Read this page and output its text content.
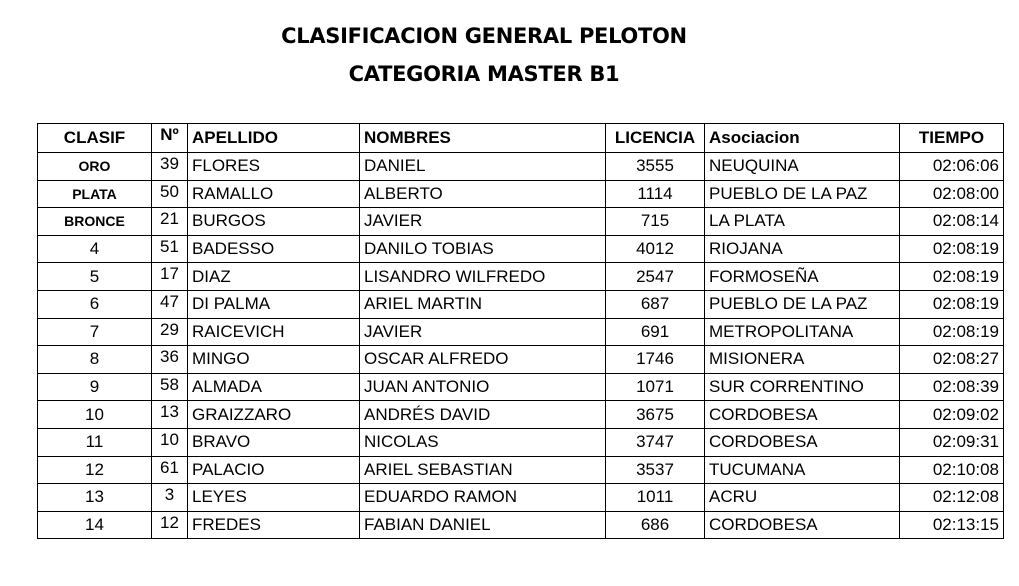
CLASIFICACION GENERAL PELOTON
CATEGORIA MASTER B1
CLASIF	Nº	APELLIDO	NOMBRES	LICENCIA	Asociacion	TIEMPO
ORO	39	FLORES	DANIEL	3555	NEUQUINA	02:06:06
PLATA	50	RAMALLO	ALBERTO	1114	PUEBLO DE LA PAZ	02:08:00
BRONCE	21	BURGOS	JAVIER	715	LA PLATA	02:08:14
4	51	BADESSO	DANILO TOBIAS	4012	RIOJANA	02:08:19
5	17	DIAZ	LISANDRO WILFREDO	2547	FORMOSEÑA	02:08:19
6	47	DI PALMA	ARIEL MARTIN	687	PUEBLO DE LA PAZ	02:08:19
7	29	RAICEVICH	JAVIER	691	METROPOLITANA	02:08:19
8	36	MINGO	OSCAR ALFREDO	1746	MISIONERA	02:08:27
9	58	ALMADA	JUAN ANTONIO	1071	SUR CORRENTINO	02:08:39
10	13	GRAIZZARO	ANDRÉS DAVID	3675	CORDOBESA	02:09:02
11	10	BRAVO	NICOLAS	3747	CORDOBESA	02:09:31
12	61	PALACIO	ARIEL SEBASTIAN	3537	TUCUMANA	02:10:08
13	3	LEYES	EDUARDO RAMON	1011	ACRU	02:12:08
14	12	FREDES	FABIAN DANIEL	686	CORDOBESA	02:13:15
